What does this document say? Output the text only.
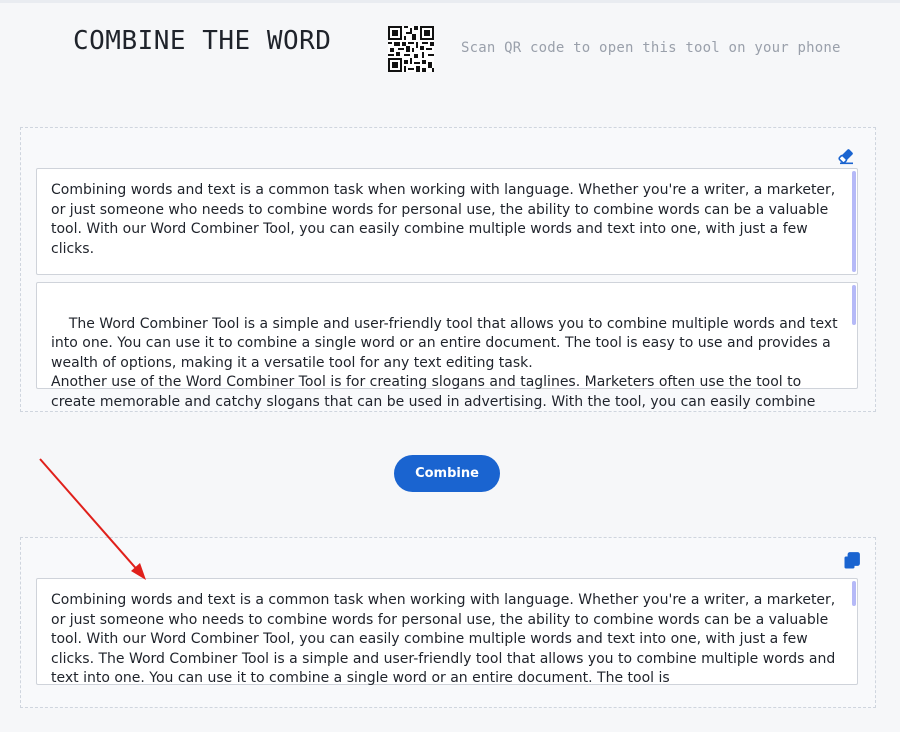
COMBINE THE WORD	Scan QR code to open this tool on your phone
Combining words and text is a common task when working with language. Whether you're a writer, a marketer, or just someone who needs to combine words for personal use, the ability to combine words can be a valuable tool. With our Word Combiner Tool, you can easily combine multiple words and text into one, with just a few clicks.

The Word Combiner Tool is a simple and user-friendly tool that allows you to combine multiple words and text into one. You can use it to combine a single word or an entire document. The tool is easy to use and provides a wealth of options, making it a versatile tool for any text editing task.
Another use of the Word Combiner Tool is for creating slogans and taglines. Marketers often use the tool to create memorable and catchy slogans that can be used in advertising. With the tool, you can easily combine

Combine
Combining words and text is a common task when working with language. Whether you're a writer, a marketer, or just someone who needs to combine words for personal use, the ability to combine words can be a valuable tool. With our Word Combiner Tool, you can easily combine multiple words and text into one, with just a few clicks. The Word Combiner Tool is a simple and user-friendly tool that allows you to combine multiple words and text into one. You can use it to combine a single word or an entire document. The tool is
